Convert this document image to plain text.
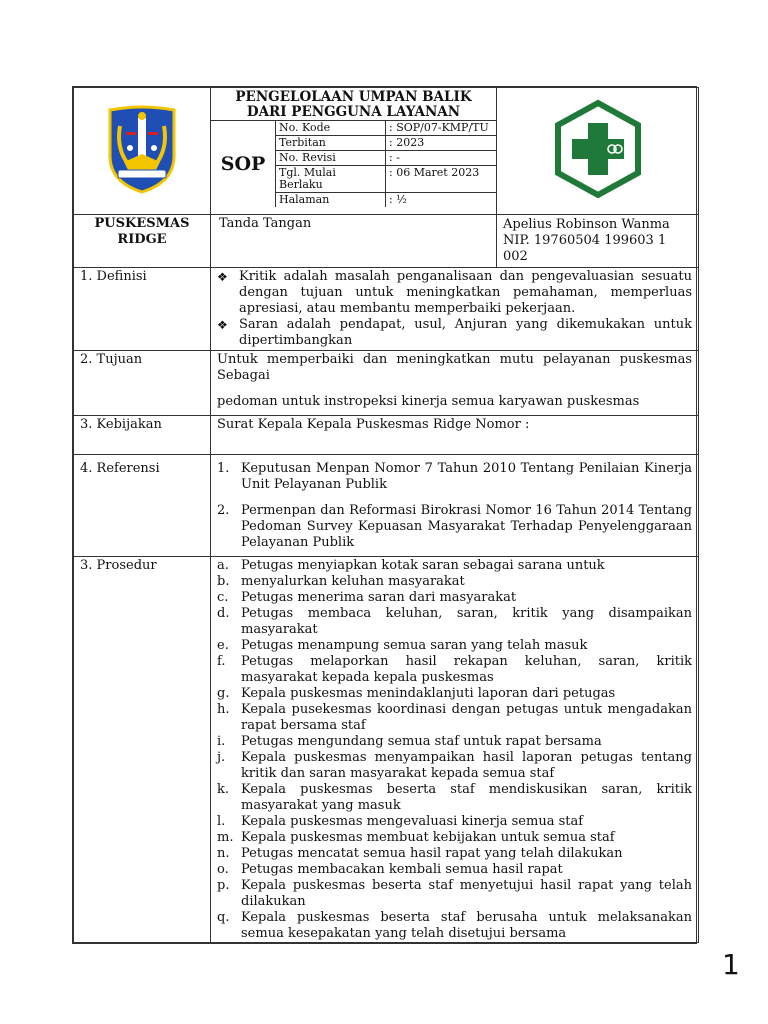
PENGELOLAAN UMPAN BALIK
DARI PENGGUNA LAYANAN
SOP
No. Kode	: SOP/07-KMP/TU
Terbitan	: 2023
No. Revisi	: -
Tgl. Mulai Berlaku	: 06 Maret 2023
Halaman	: ½

PUSKESMAS RIDGE	Tanda Tangan	Apelius Robinson Wanma
NIP. 19760504 199603 1 002

1. Definisi	❖ Kritik adalah masalah penganalisaan dan pengevaluasian sesuatu dengan tujuan untuk meningkatkan pemahaman, memperluas apresiasi, atau membantu memperbaiki pekerjaan.
❖ Saran adalah pendapat, usul, Anjuran yang dikemukakan untuk dipertimbangkan

2. Tujuan	Untuk memperbaiki dan meningkatkan mutu pelayanan puskesmas Sebagai
pedoman untuk instropeksi kinerja semua karyawan puskesmas

3. Kebijakan	Surat Kepala Kepala Puskesmas Ridge Nomor :
4. Referensi	1. Keputusan Menpan Nomor 7 Tahun 2010 Tentang Penilaian Kinerja Unit Pelayanan Publik
2. Permenpan dan Reformasi Birokrasi Nomor 16 Tahun 2014 Tentang Pedoman Survey Kepuasan Masyarakat Terhadap Penyelenggaraan Pelayanan Publik

3. Prosedur	a. Petugas menyiapkan kotak saran sebagai sarana untuk
b. menyalurkan keluhan masyarakat
c. Petugas menerima saran dari masyarakat
d. Petugas membaca keluhan, saran, kritik yang disampaikan masyarakat
e. Petugas menampung semua saran yang telah masuk
f.	Petugas melaporkan hasil rekapan keluhan, saran, kritik masyarakat kepada kepala puskesmas
g. Kepala puskesmas menindaklanjuti laporan dari petugas
h. Kepala pusekesmas koordinasi dengan petugas untuk mengadakan rapat bersama staf
i.	Petugas mengundang semua staf untuk rapat bersama
j.	Kepala puskesmas menyampaikan hasil laporan petugas tentang kritik dan saran masyarakat kepada semua staf
k. Kepala puskesmas beserta staf mendiskusikan saran, kritik masyarakat yang masuk
l.	Kepala puskesmas mengevaluasi kinerja semua staf
m. Kepala puskesmas membuat kebijakan untuk semua staf
n. Petugas mencatat semua hasil rapat yang telah dilakukan
o. Petugas membacakan kembali semua hasil rapat
p. Kepala puskesmas beserta staf menyetujui hasil rapat yang telah dilakukan
q. Kepala puskesmas beserta staf berusaha untuk melaksanakan semua kesepakatan yang telah disetujui bersama
1
